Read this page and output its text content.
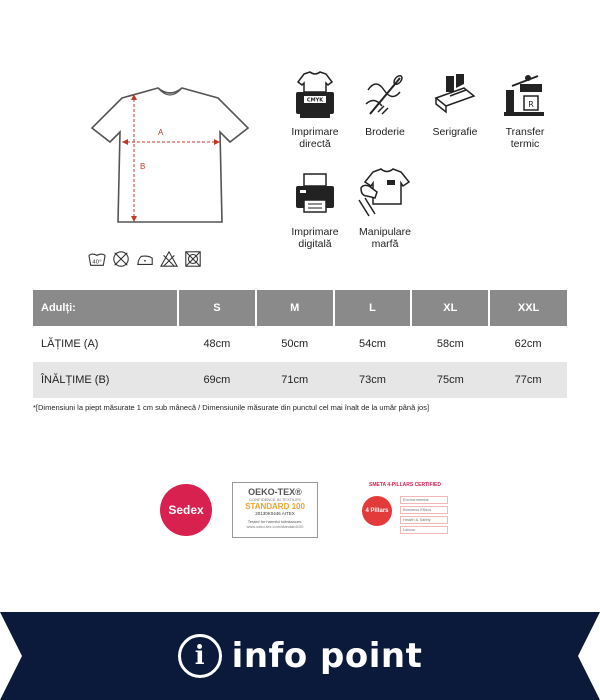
A
B
40°
CMYK
Imprimare directă
Broderie	Serigrafie
R
Transfer termic
Imprimare digitală
Manipulare marfă
Adulți:	S	M	L	XL	XXL
LĂȚIME (A)	48cm	50cm	54cm	58cm	62cm
ÎNĂLȚIME (B)	69cm	71cm	73cm	75cm	77cm
*[Dimensiuni la piept măsurate 1 cm sub mânecă / Dimensiunile măsurate din punctul cel mai înalt de la umăr până jos]
Sedex
OEKO-TEX®
CONFIDENCE IN TEXTILES
STANDARD 100
20130K0446 AITEX
Tested for harmful substances.
www.oeko-tex.com/standard100
SMETA 4-PILLARS CERTIFIED
4 Pillars
Environmental
Business Ethics
Health & Safety
Labour
i info point
